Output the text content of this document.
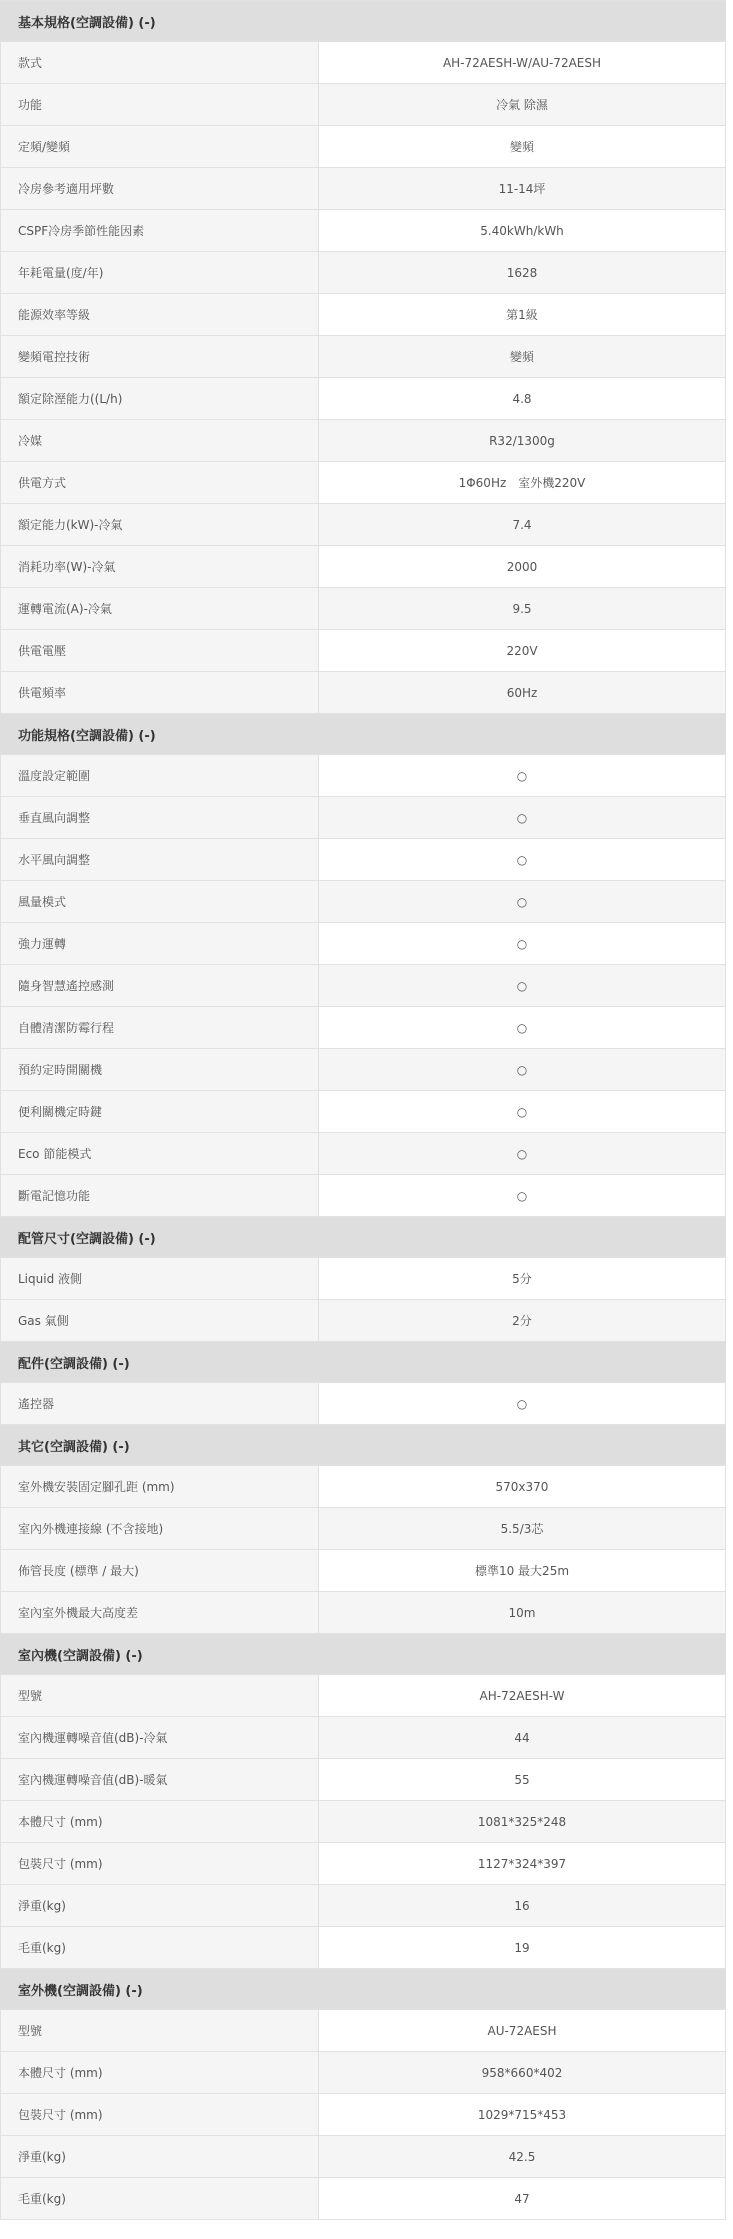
基本規格(空調設備) (-)
款式	AH-72AESH-W/AU-72AESH
功能	冷氣 除濕
定頻/變頻	變頻
冷房參考適用坪數	11-14坪
CSPF冷房季節性能因素	5.40kWh/kWh
年耗電量(度/年)	1628
能源效率等級	第1級
變頻電控技術	變頻
額定除溼能力((L/h)	4.8
冷媒	R32/1300g
供電方式	1Φ60Hz　室外機220V
額定能力(kW)-冷氣	7.4
消耗功率(W)-冷氣	2000
運轉電流(A)-冷氣	9.5
供電電壓	220V
供電頻率	60Hz
功能規格(空調設備) (-)
溫度設定範圍	○
垂直風向調整	○
水平風向調整	○
風量模式	○
強力運轉	○
隨身智慧遙控感測	○
自體清潔防霉行程	○
預約定時開關機	○
便利關機定時鍵	○
Eco 節能模式	○
斷電記憶功能	○
配管尺寸(空調設備) (-)
Liquid 液側	5分
Gas 氣側	2分
配件(空調設備) (-)
遙控器	○
其它(空調設備) (-)
室外機安裝固定腳孔距 (mm)	570x370
室內外機連接線 (不含接地)	5.5/3芯
佈管長度 (標準 / 最大)	標準10 最大25m
室內室外機最大高度差	10m
室內機(空調設備) (-)
型號	AH-72AESH-W
室內機運轉噪音值(dB)-冷氣	44
室內機運轉噪音值(dB)-暖氣	55
本體尺寸 (mm)	1081*325*248
包裝尺寸 (mm)	1127*324*397
淨重(kg)	16
毛重(kg)	19
室外機(空調設備) (-)
型號	AU-72AESH
本體尺寸 (mm)	958*660*402
包裝尺寸 (mm)	1029*715*453
淨重(kg)	42.5
毛重(kg)	47
